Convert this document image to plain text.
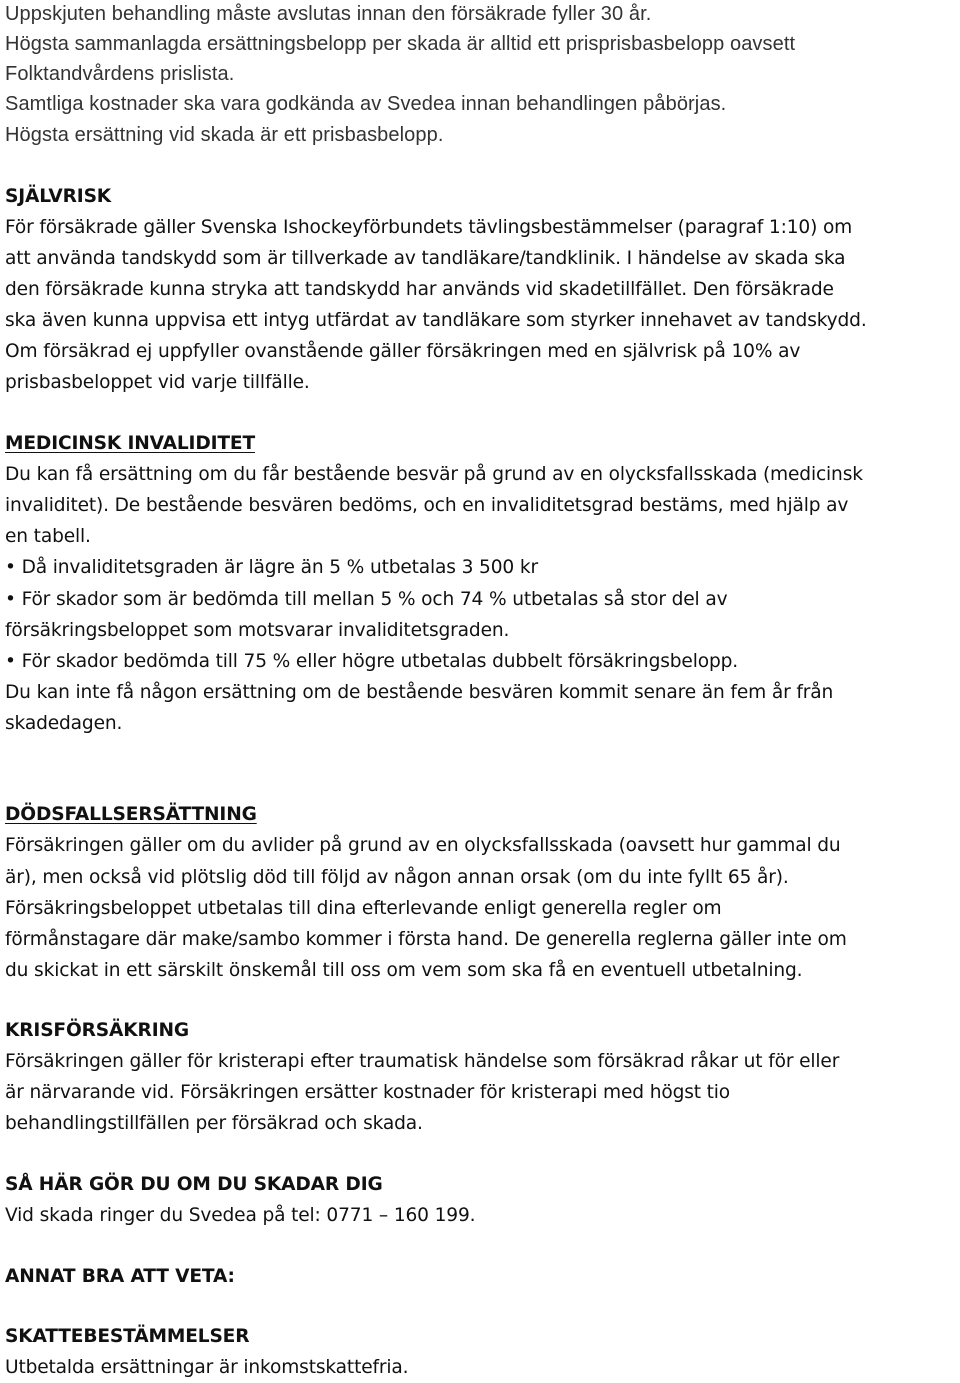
Uppskjuten behandling måste avslutas innan den försäkrade fyller 30 år.
Högsta sammanlagda ersättningsbelopp per skada är alltid ett prisprisbasbelopp oavsett
Folktandvårdens prislista.
Samtliga kostnader ska vara godkända av Svedea innan behandlingen påbörjas.
Högsta ersättning vid skada är ett prisbasbelopp.
SJÄLVRISK
För försäkrade gäller Svenska Ishockeyförbundets tävlingsbestämmelser (paragraf 1:10) om
att använda tandskydd som är tillverkade av tandläkare/tandklinik. I händelse av skada ska
den försäkrade kunna stryka att tandskydd har används vid skadetillfället. Den försäkrade
ska även kunna uppvisa ett intyg utfärdat av tandläkare som styrker innehavet av tandskydd.
Om försäkrad ej uppfyller ovanstående gäller försäkringen med en självrisk på 10% av
prisbasbeloppet vid varje tillfälle.
MEDICINSK INVALIDITET
Du kan få ersättning om du får bestående besvär på grund av en olycksfallsskada (medicinsk
invaliditet). De bestående besvären bedöms, och en invaliditetsgrad bestäms, med hjälp av
en tabell.
• Då invaliditetsgraden är lägre än 5 % utbetalas 3 500 kr
• För skador som är bedömda till mellan 5 % och 74 % utbetalas så stor del av
försäkringsbeloppet som motsvarar invaliditetsgraden.
• För skador bedömda till 75 % eller högre utbetalas dubbelt försäkringsbelopp.
Du kan inte få någon ersättning om de bestående besvären kommit senare än fem år från
skadedagen.
DÖDSFALLSERSÄTTNING
Försäkringen gäller om du avlider på grund av en olycksfallsskada (oavsett hur gammal du
är), men också vid plötslig död till följd av någon annan orsak (om du inte fyllt 65 år).
Försäkringsbeloppet utbetalas till dina efterlevande enligt generella regler om
förmånstagare där make/sambo kommer i första hand. De generella reglerna gäller inte om
du skickat in ett särskilt önskemål till oss om vem som ska få en eventuell utbetalning.
KRISFÖRSÄKRING
Försäkringen gäller för kristerapi efter traumatisk händelse som försäkrad råkar ut för eller
är närvarande vid. Försäkringen ersätter kostnader för kristerapi med högst tio
behandlingstillfällen per försäkrad och skada.
SÅ HÄR GÖR DU OM DU SKADAR DIG
Vid skada ringer du Svedea på tel: 0771 – 160 199.
ANNAT BRA ATT VETA:
SKATTEBESTÄMMELSER
Utbetalda ersättningar är inkomstskattefria.
